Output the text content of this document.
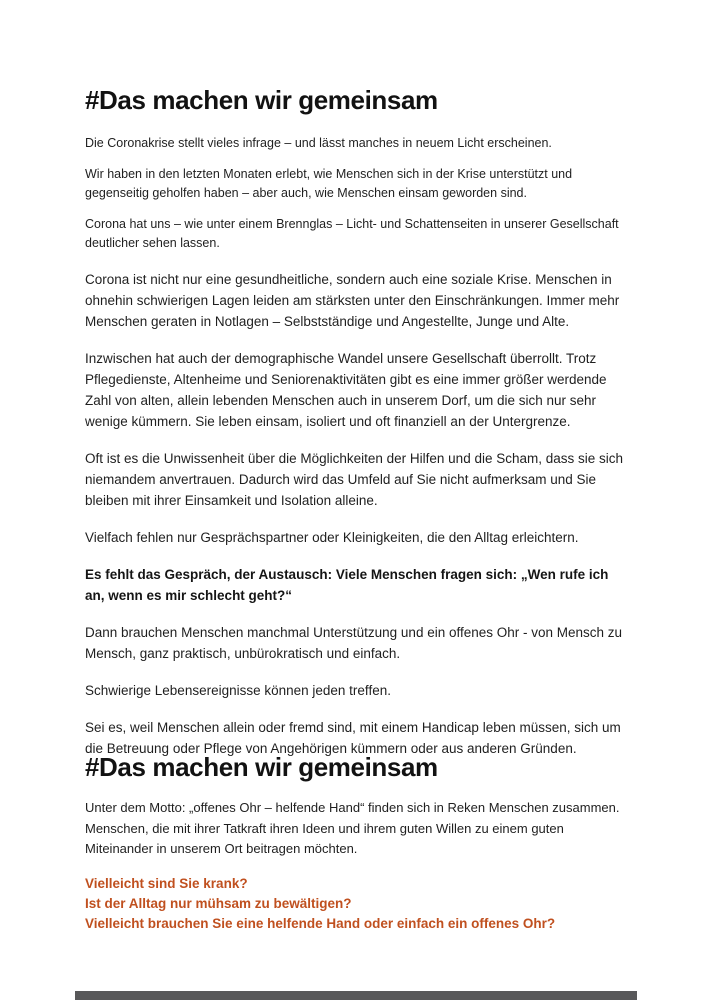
#Das machen wir gemeinsam

Die Coronakrise stellt vieles infrage – und lässt manches in neuem Licht erscheinen.

Wir haben in den letzten Monaten erlebt, wie Menschen sich in der Krise unterstützt und gegenseitig geholfen haben – aber auch, wie Menschen einsam geworden sind.

Corona hat uns – wie unter einem Brennglas – Licht- und Schattenseiten in unserer Gesellschaft deutlicher sehen lassen.

Corona ist nicht nur eine gesundheitliche, sondern auch eine soziale Krise. Menschen in ohnehin schwierigen Lagen leiden am stärksten unter den Einschränkungen. Immer mehr Menschen geraten in Notlagen – Selbstständige und Angestellte, Junge und Alte.

Inzwischen hat auch der demographische Wandel unsere Gesellschaft überrollt. Trotz Pflegedienste, Altenheime und Seniorenaktivitäten gibt es eine immer größer werdende Zahl von alten, allein lebenden Menschen auch in unserem Dorf, um die sich nur sehr wenige kümmern. Sie leben einsam, isoliert und oft finanziell an der Untergrenze.

Oft ist es die Unwissenheit über die Möglichkeiten der Hilfen und die Scham, dass sie sich niemandem anvertrauen. Dadurch wird das Umfeld auf Sie nicht aufmerksam und Sie bleiben mit ihrer Einsamkeit und Isolation alleine.

Vielfach fehlen nur Gesprächspartner oder Kleinigkeiten, die den Alltag erleichtern.

Es fehlt das Gespräch, der Austausch: Viele Menschen fragen sich: „Wen rufe ich an, wenn es mir schlecht geht?“

Dann brauchen Menschen manchmal Unterstützung und ein offenes Ohr - von Mensch zu Mensch, ganz praktisch, unbürokratisch und einfach.

Schwierige Lebensereignisse können jeden treffen.

Sei es, weil Menschen allein oder fremd sind, mit einem Handicap leben müssen, sich um die Betreuung oder Pflege von Angehörigen kümmern oder aus anderen Gründen.

#Das machen wir gemeinsam

Unter dem Motto: „offenes Ohr – helfende Hand“ finden sich in Reken Menschen zusammen. Menschen, die mit ihrer Tatkraft ihren Ideen und ihrem guten Willen zu einem guten Miteinander in unserem Ort beitragen möchten.

Vielleicht sind Sie krank?

Ist der Alltag nur mühsam zu bewältigen?

Vielleicht brauchen Sie eine helfende Hand oder einfach ein offenes Ohr?
